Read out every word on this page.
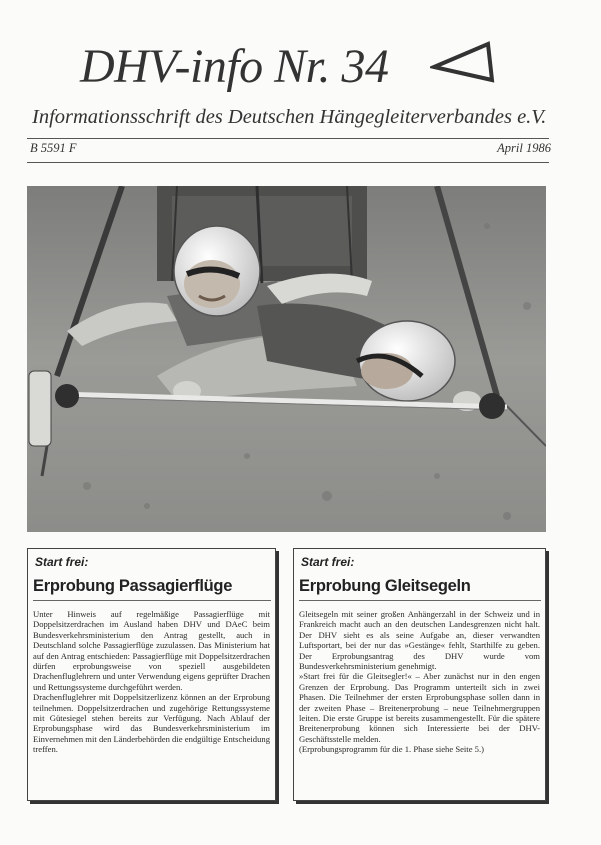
DHV-info Nr. 34
Informationsschrift des Deutschen Hängegleiterverbandes e.V.
B 5591 F	April 1986
Start frei:
Erprobung Passagierflüge

Unter Hinweis auf regelmäßige Passagierflüge mit Doppelsitzerdrachen im Ausland haben DHV und DAeC beim Bundesverkehrsministerium den Antrag gestellt, auch in Deutschland solche Passagierflüge zuzulassen. Das Ministerium hat auf den Antrag entschieden: Passagierflüge mit Doppelsitzerdrachen dürfen erprobungsweise von speziell ausgebildeten Drachenfluglehrern und unter Verwendung eigens geprüfter Drachen und Rettungssysteme durchgeführt werden.

Drachenfluglehrer mit Doppelsitzerlizenz können an der Erprobung teilnehmen. Doppelsitzerdrachen und zugehörige Rettungssysteme mit Gütesiegel stehen bereits zur Verfügung. Nach Ablauf der Erprobungsphase wird das Bundesverkehrsministerium im Einvernehmen mit den Länderbehörden die endgültige Entscheidung treffen.

Start frei:
Erprobung Gleitsegeln

Gleitsegeln mit seiner großen Anhängerzahl in der Schweiz und in Frankreich macht auch an den deutschen Landesgrenzen nicht halt. Der DHV sieht es als seine Aufgabe an, dieser verwandten Luftsportart, bei der nur das »Gestänge« fehlt, Starthilfe zu geben. Der Erprobungsantrag des DHV wurde vom Bundesverkehrsministerium genehmigt.

»Start frei für die Gleitsegler!« – Aber zunächst nur in den engen Grenzen der Erprobung. Das Programm unterteilt sich in zwei Phasen. Die Teilnehmer der ersten Erprobungsphase sollen dann in der zweiten Phase – Breitenerprobung – neue Teilnehmergruppen leiten. Die erste Gruppe ist bereits zusammengestellt. Für die spätere Breitenerprobung können sich Interessierte bei der DHV-Geschäftsstelle melden.

(Erprobungsprogramm für die 1. Phase siehe Seite 5.)
